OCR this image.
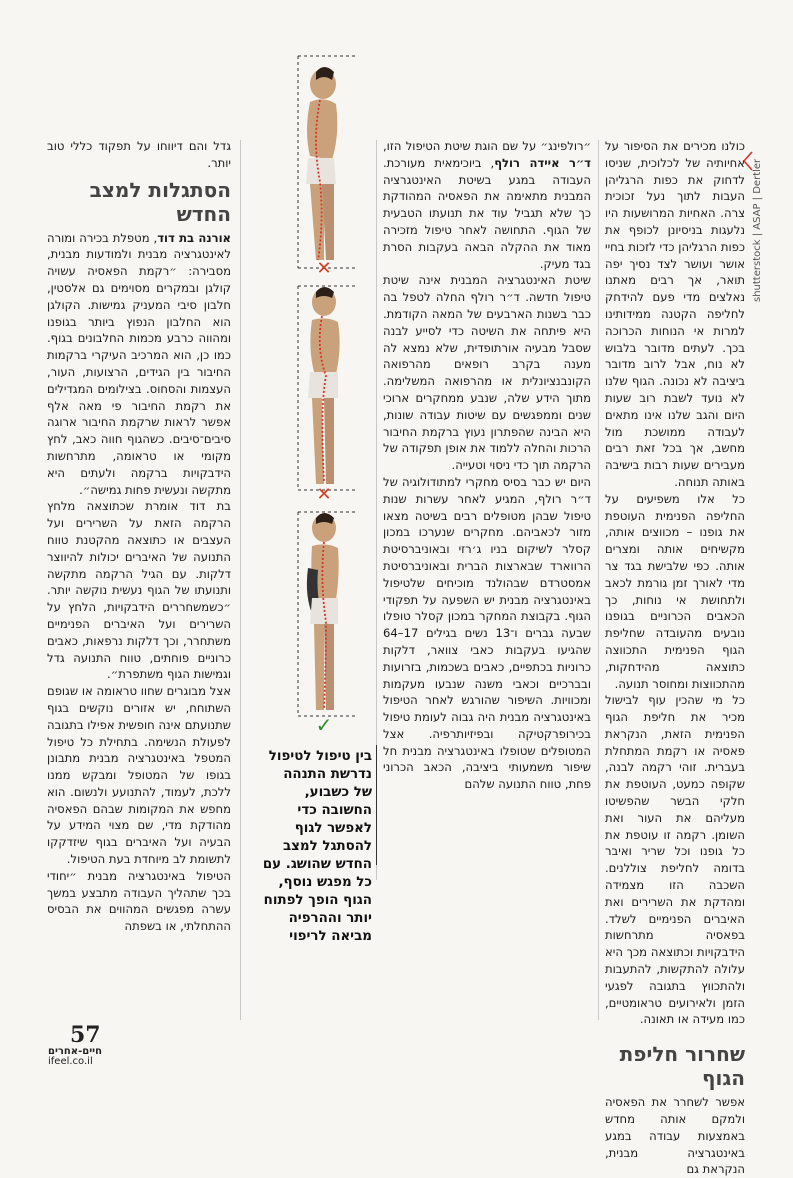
shutterstock | ASAP | Dertler

כולנו מכירים את הסיפור על אחיותיה של לכלוכית, שניסו לדחוק את כפות הרגליהן העבות לתוך נעל זכוכית צרה. האחיות המרושעות היו נלעגות בניסיונן לכופף את כפות הרגליהן כדי לזכות בחיי אושר ועושר לצד נסיך יפה תואר, אך רבים מאתנו נאלצים מדי פעם להידחק לחליפה הקטנה ממידותינו למרות אי הנוחות הכרוכה בכך. לעתים מדובר בלבוש לא נוח, אבל לרוב מדובר ביציבה לא נכונה. הגוף שלנו לא נועד לשבת רוב שעות היום והגב שלנו אינו מתאים לעבודה ממושכת מול מחשב, אך בכל זאת רבים מעבירים שעות רבות בישיבה באותה תנוחה.

כל אלו משפיעים על החליפה הפנימית העוטפת את גופנו – מכווצים אותה, מקשיחים אותה ומצרים אותה. כפי שלבישת בגד צר מדי לאורך זמן גורמת לכאב ולתחושת אי נוחות, כך הכאבים הכרוניים בגופנו נובעים מהעובדה שחליפת הגוף הפנימית התכווצה כתוצאה מהידחקות, מהתכווצות ומחוסר תנועה.

כל מי שהכין עוף לבישול מכיר את חליפת הגוף הפנימית הזאת, הנקראת פאסיה או רקמת המתחלת בעברית. זוהי רקמה לבנה, שקופה כמעט, העוטפת את חלקי הבשר שהפשיטו מעליהם את העור ואת השומן. רקמה זו עוטפת את כל גופנו וכל שריר ואיבר בדומה לחליפת צוללנים. השכבה הזו מצמידה ומהדקת את השרירים ואת האיברים הפנימיים לשלד. בפאסיה מתרחשות הידבקויות וכתוצאה מכך היא עלולה להתקשות, להתעבות ולהתכווץ בתגובה לפגעי הזמן ולאירועים טראומטיים, כמו מעידה או תאונה.

שחרור חליפת הגוף

אפשר לשחרר את הפאסיה ולמקם אותה מחדש באמצעות עבודה במגע באינטגרציה מבנית, הנקראת גם

״רולפינג״ על שם הוגת שיטת הטיפול הזו, ד״ר איידה רולף, ביוכימאית מעורכת. העבודה במגע בשיטת האינטגרציה המבנית מתאימה את הפאסיה המהודקת כך שלא תגביל עוד את תנועתו הטבעית של הגוף. התחושה לאחר טיפול מזכירה מאוד את ההקלה הבאה בעקבות הסרת בגד מעיק.

שיטת האינטגרציה המבנית אינה שיטת טיפול חדשה. ד״ר רולף החלה לטפל בה כבר בשנות הארבעים של המאה הקודמת. היא פיתחה את השיטה כדי לסייע לבנה שסבל מבעיה אורתופדית, שלא נמצא לה מענה בקרב רופאים מהרפואה הקונבנציונלית או מהרפואה המשלימה. מתוך הידע שלה, שנבע ממחקרים ארוכי שנים וממפגשים עם שיטות עבודה שונות, היא הבינה שהפתרון נעוץ ברקמת החיבור הרכות והחלה ללמוד את אופן תפקודה של הרקמה תוך כדי ניסוי וטעייה.

היום יש כבר בסיס מחקרי למתודולוגיה של ד״ר רולף, המגיע לאחר עשרות שנות טיפול שבהן מטופלים רבים בשיטה מצאו מזור לכאביהם. מחקרים שנערכו במכון קסלר לשיקום בניו ג׳רזי ובאוניברסיטת הרווארד שבארצות הברית ובאוניברסיטת אמסטרדם שבהולנד מוכיחים שלטיפול באינטגרציה מבנית יש השפעה על תפקודי הגוף. בקבוצת המחקר במכון קסלר טופלו שבעה גברים ו־13 נשים בגילים 17–64 שהגיעו בעקבות כאבי צוואר, דלקות כרוניות בכתפיים, כאבים בשכמות, בזרועות ובברכיים וכאבי משנה שנבעו מעקמות ומכוויות. השיפור שהורגש לאחר הטיפול באינטגרציה מבנית היה גבוה לעומת טיפול בכירופרקטיקה ובפיזיותרפיה. אצל המטופלים שטופלו באינטגרציה מבנית חל שיפור משמעותי ביציבה, הכאב הכרוני פחת, טווח התנועה שלהם

גדל והם דיווחו על תפקוד כללי טוב יותר.

הסתגלות למצב החדש

אורנה בת דוד, מטפלת בכירה ומורה לאינטגרציה מבנית ולמודעות מבנית, מסבירה: ״רקמת הפאסיה עשויה קולגן ובמקרים מסוימים גם אלסטין, חלבון סיבי המעניק גמישות. הקולגן הוא החלבון הנפוץ ביותר בגופנו ומהווה כרבע מכמות החלבונים בגוף. כמו כן, הוא המרכיב העיקרי ברקמות החיבור בין הגידים, הרצועות, העור, העצמות והסחוס. בצילומים המגדילים את רקמת החיבור פי מאה אלף אפשר לראות שרקמת החיבור ארוגה סיבים־סיבים. כשהגוף חווה כאב, לחץ מקומי או טראומה, מתרחשות הידבקויות ברקמה ולעתים היא מתקשה ונעשית פחות גמישה״.

בת דוד אומרת שכתוצאה מלחץ הרקמה הזאת על השרירים ועל העצבים או כתוצאה מהקטנת טווח התנועה של האיברים יכולות להיווצר דלקות. עם הגיל הרקמה מתקשה ותנועתו של הגוף נעשית נוקשה יותר. ״כשמשחררים הידבקויות, הלחץ על השרירים ועל האיברים הפנימיים משתחרר, וכך דלקות נרפאות, כאבים כרוניים פוחתים, טווח התנועה גדל וגמישות הגוף משתפרת״.

אצל מבוגרים שחוו טראומה או שגופם השתוחח, יש אזורים נוקשים בגוף שתנועתם אינה חופשית אפילו בתגובה לפעולת הנשימה. בתחילת כל טיפול המטפל באינטגרציה מבנית מתבונן בגופו של המטופל ומבקש ממנו ללכת, לעמוד, להתנועע ולנשום. הוא מחפש את המקומות שבהם הפאסיה מהודקת מדי, שם מצוי המידע על הבעיה ועל האיברים בגוף שיזדקקו לתשומת לב מיוחדת בעת הטיפול.

הטיפול באינטגרציה מבנית ״יחודי בכך שתהליך העבודה מתבצע במשך עשרה מפגשים המהווים את הבסיס ההתחלתי, או בשפתה

✕
✕
✓
בין טיפול לטיפול נדרשת התנהה של כשבוע, החשובה כדי לאפשר לגוף להסתגל למצב החדש שהושג. עם כל מפגש נוסף, הגוף הופך לפתוח יותר וההרפיה מביאה לריפוי
57
חיים-אחרים
ifeel.co.il
